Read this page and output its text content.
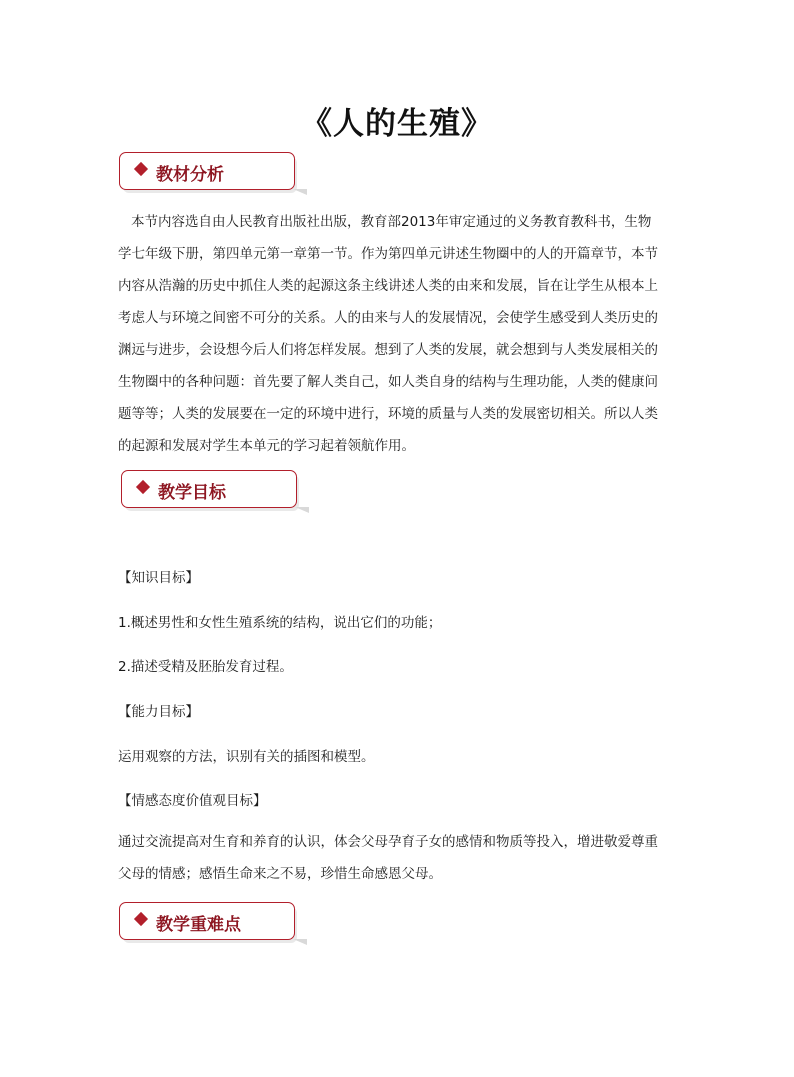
《人的生殖》
教材分析
本节内容选自由人民教育出版社出版，教育部2013年审定通过的义务教育教科书，生物
学七年级下册，第四单元第一章第一节。作为第四单元讲述生物圈中的人的开篇章节，本节
内容从浩瀚的历史中抓住人类的起源这条主线讲述人类的由来和发展，旨在让学生从根本上
考虑人与环境之间密不可分的关系。人的由来与人的发展情况，会使学生感受到人类历史的
渊远与进步，会设想今后人们将怎样发展。想到了人类的发展，就会想到与人类发展相关的
生物圈中的各种问题：首先要了解人类自己，如人类自身的结构与生理功能，人类的健康问
题等等；人类的发展要在一定的环境中进行，环境的质量与人类的发展密切相关。所以人类
的起源和发展对学生本单元的学习起着领航作用。
教学目标
【知识目标】
1.概述男性和女性生殖系统的结构，说出它们的功能；
2.描述受精及胚胎发育过程。
【能力目标】
运用观察的方法，识别有关的插图和模型。
【情感态度价值观目标】
通过交流提高对生育和养育的认识，体会父母孕育子女的感情和物质等投入，增进敬爱尊重
父母的情感；感悟生命来之不易，珍惜生命感恩父母。
教学重难点
